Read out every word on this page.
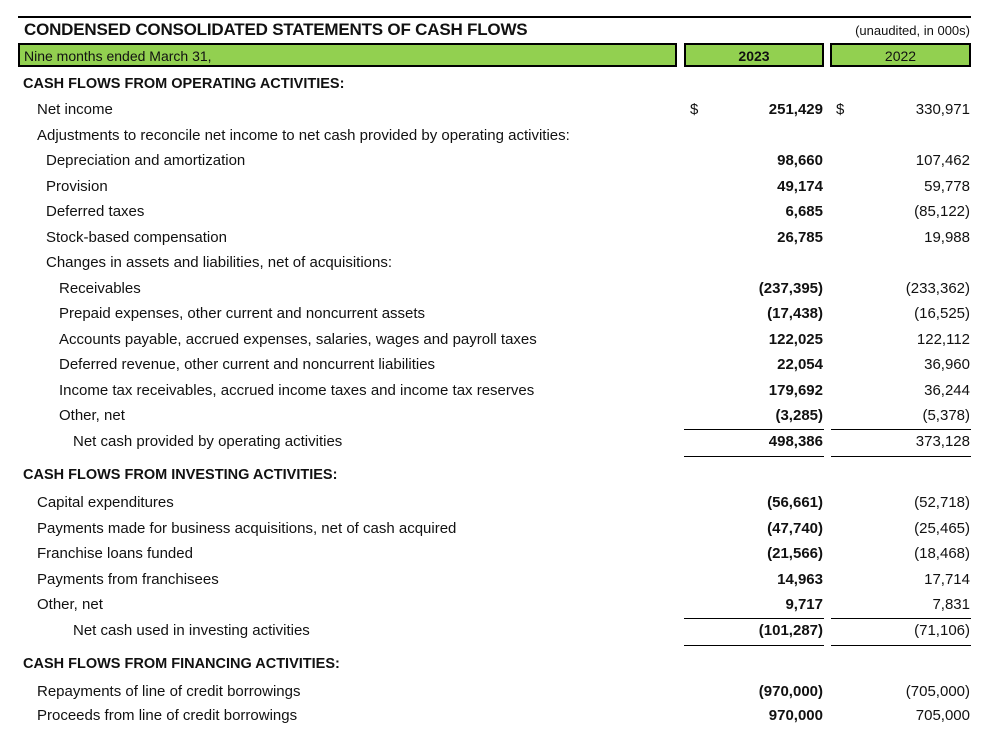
CONDENSED CONSOLIDATED STATEMENTS OF CASH FLOWS	(unaudited, in 000s)
Nine months ended March 31,	2023	2022
CASH FLOWS FROM OPERATING ACTIVITIES:
Net income	$	251,429 $	330,971
Adjustments to reconcile net income to net cash provided by operating activities:
Depreciation and amortization	98,660	107,462
Provision	49,174	59,778
Deferred taxes	6,685	(85,122)
Stock-based compensation	26,785	19,988
Changes in assets and liabilities, net of acquisitions:
Receivables	(237,395)	(233,362)
Prepaid expenses, other current and noncurrent assets	(17,438)	(16,525)
Accounts payable, accrued expenses, salaries, wages and payroll taxes	122,025	122,112
Deferred revenue, other current and noncurrent liabilities	22,054	36,960
Income tax receivables, accrued income taxes and income tax reserves	179,692	36,244
Other, net	(3,285)	(5,378)
Net cash provided by operating activities	498,386	373,128
CASH FLOWS FROM INVESTING ACTIVITIES:
Capital expenditures	(56,661)	(52,718)
Payments made for business acquisitions, net of cash acquired	(47,740)	(25,465)
Franchise loans funded	(21,566)	(18,468)
Payments from franchisees	14,963	17,714
Other, net	9,717	7,831
Net cash used in investing activities	(101,287)	(71,106)
CASH FLOWS FROM FINANCING ACTIVITIES:
Repayments of line of credit borrowings	(970,000)	(705,000)
Proceeds from line of credit borrowings	970,000	705,000
